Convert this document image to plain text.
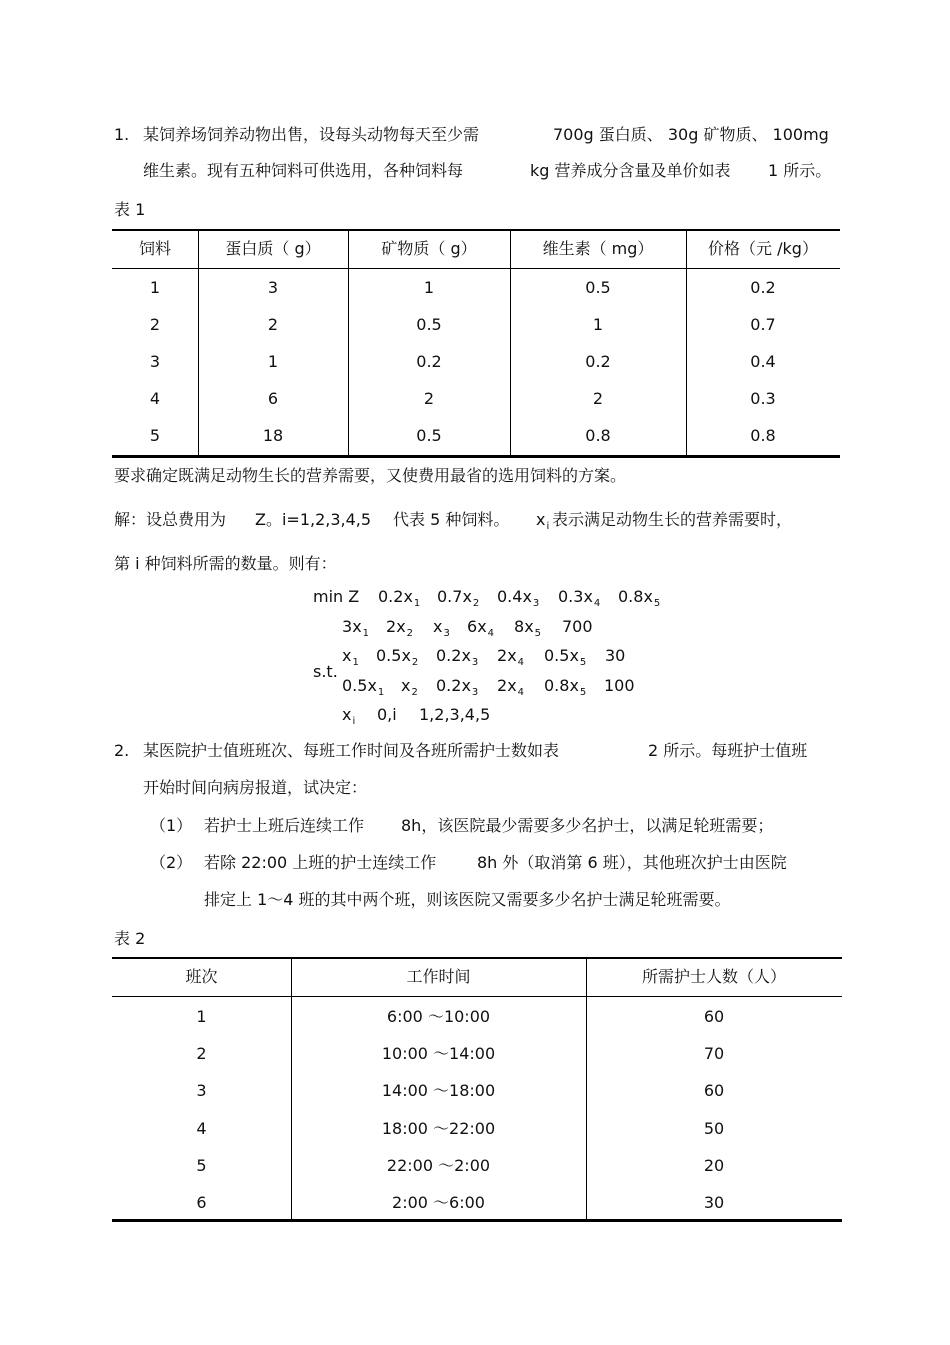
1. 某饲养场饲养动物出售，设每头动物每天至少需	700g 蛋白质、 30g 矿物质、 100mg
维生素。现有五种饲料可供选用，各种饲料每	kg 营养成分含量及单价如表 1 所示。
表 1
饲料	蛋白质（ g）	矿物质（ g）	维生素（ mg）	价格（元 /kg）
1	3	1	0.5	0.2
2	2	0.5	1	0.7
3	1	0.2	0.2	0.4
4	6	2	2	0.3
5	18	0.5	0.8	0.8
要求确定既满足动物生长的营养需要，又使费用最省的选用饲料的方案。
解：设总费用为 Z。i=1,2,3,4,5 代表 5 种饲料。 $x_i$ 表示满足动物生长的营养需要时，
第 i 种饲料所需的数量。则有：
min Z $0.2x_1$ $0.7x_2$ $0.4x_3$ $0.3x_4$ $0.8x_5$
$3x_1$ $2x_2$ $x_3$ $6x_4$ $8x_5$ 700
s.t.
$x_1$ $0.5x_2$ $0.2x_3$ $2x_4$ $0.5x_5$ 30
$0.5x_1$ $x_2$ $0.2x_3$ $2x_4$ $0.8x_5$ 100
$x_i$ 0,i 1,2,3,4,5
2. 某医院护士值班班次、每班工作时间及各班所需护士数如表	2 所示。每班护士值班
开始时间向病房报道，试决定：
（1） 若护士上班后连续工作 8h，该医院最少需要多少名护士，以满足轮班需要；
（2） 若除 22:00 上班的护士连续工作	8h 外（取消第 6 班），其他班次护士由医院
排定上 1～4 班的其中两个班，则该医院又需要多少名护士满足轮班需要。
表 2
班次	工作时间	所需护士人数（人）
1	6:00 ～10:00	60
2	10:00 ～14:00	70
3	14:00 ～18:00	60
4	18:00 ～22:00	50
5	22:00 ～2:00	20
6	2:00 ～6:00	30
